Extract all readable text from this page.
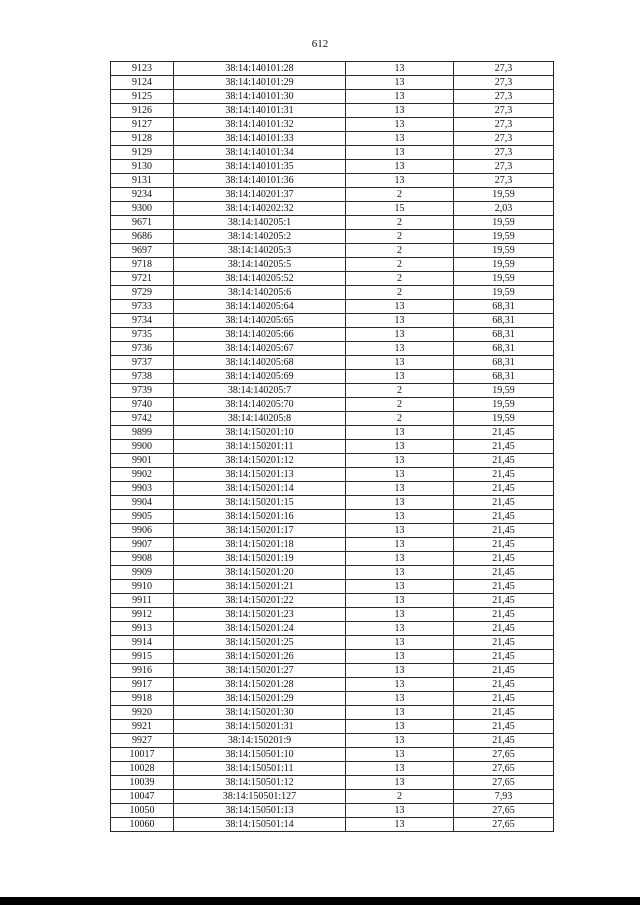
612
9123	38:14:140101:28	13	27,3
9124	38:14:140101:29	13	27,3
9125	38:14:140101:30	13	27,3
9126	38:14:140101:31	13	27,3
9127	38:14:140101:32	13	27,3
9128	38:14:140101:33	13	27,3
9129	38:14:140101:34	13	27,3
9130	38:14:140101:35	13	27,3
9131	38:14:140101:36	13	27,3
9234	38:14:140201:37	2	19,59
9300	38:14:140202:32	15	2,03
9671	38:14:140205:1	2	19,59
9686	38:14:140205:2	2	19,59
9697	38:14:140205:3	2	19,59
9718	38:14:140205:5	2	19,59
9721	38:14:140205:52	2	19,59
9729	38:14:140205:6	2	19,59
9733	38:14:140205:64	13	68,31
9734	38:14:140205:65	13	68,31
9735	38:14:140205:66	13	68,31
9736	38:14:140205:67	13	68,31
9737	38:14:140205:68	13	68,31
9738	38:14:140205:69	13	68,31
9739	38:14:140205:7	2	19,59
9740	38:14:140205:70	2	19,59
9742	38:14:140205:8	2	19,59
9899	38:14:150201:10	13	21,45
9900	38:14:150201:11	13	21,45
9901	38:14:150201:12	13	21,45
9902	38:14:150201:13	13	21,45
9903	38:14:150201:14	13	21,45
9904	38:14:150201:15	13	21,45
9905	38:14:150201:16	13	21,45
9906	38:14:150201:17	13	21,45
9907	38:14:150201:18	13	21,45
9908	38:14:150201:19	13	21,45
9909	38:14:150201:20	13	21,45
9910	38:14:150201:21	13	21,45
9911	38:14:150201:22	13	21,45
9912	38:14:150201:23	13	21,45
9913	38:14:150201:24	13	21,45
9914	38:14:150201:25	13	21,45
9915	38:14:150201:26	13	21,45
9916	38:14:150201:27	13	21,45
9917	38:14:150201:28	13	21,45
9918	38:14:150201:29	13	21,45
9920	38:14:150201:30	13	21,45
9921	38:14:150201:31	13	21,45
9927	38:14:150201:9	13	21,45
10017	38:14:150501:10	13	27,65
10028	38:14:150501:11	13	27,65
10039	38:14:150501:12	13	27,65
10047	38:14:150501:127	2	7,93
10050	38:14:150501:13	13	27,65
10060	38:14:150501:14	13	27,65
